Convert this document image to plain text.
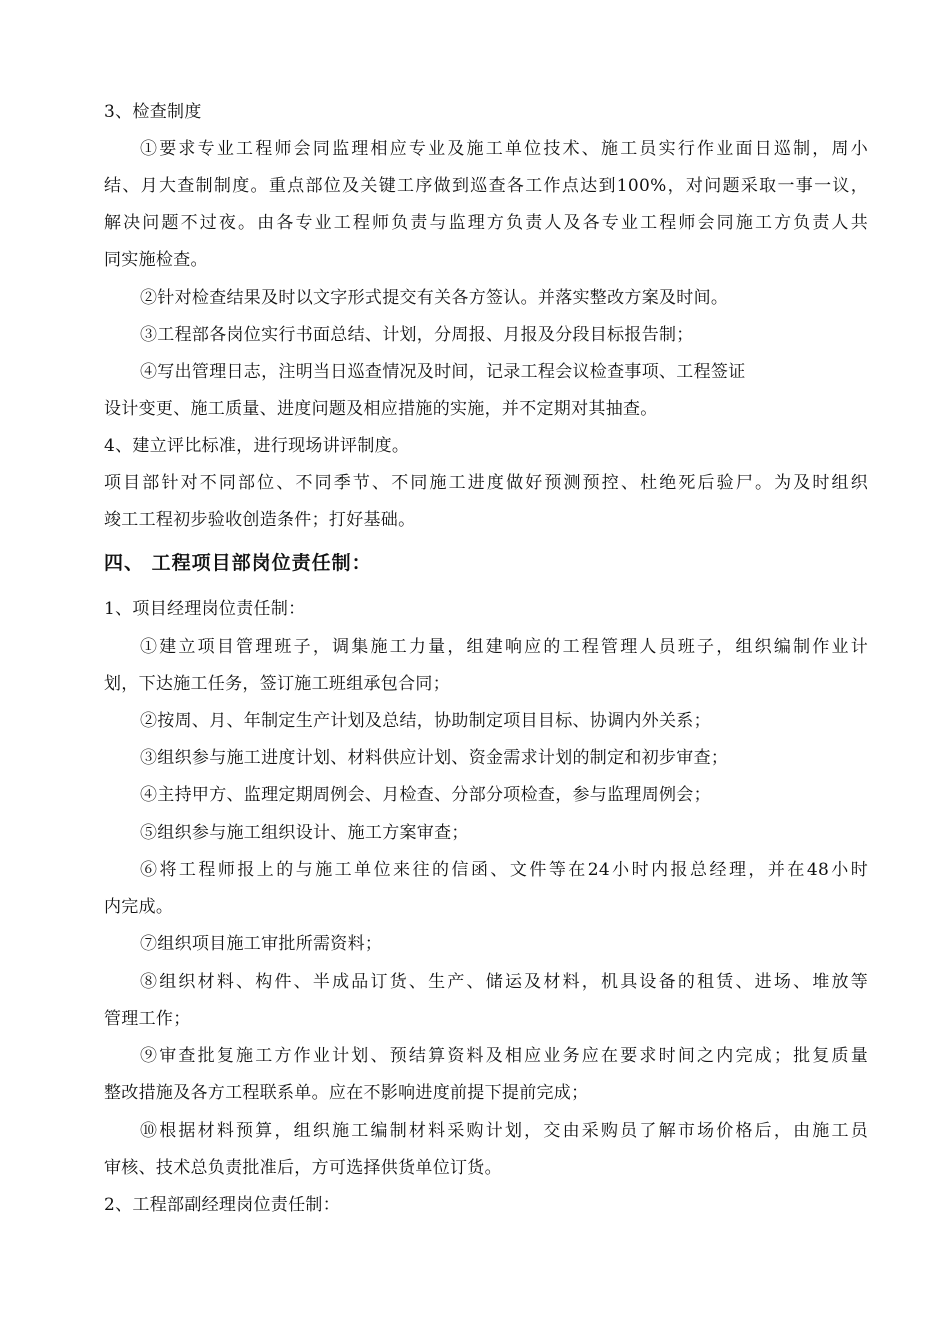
3、检查制度
①要求专业工程师会同监理相应专业及施工单位技术、施工员实行作业面日巡制，周小
结、月大查制制度。重点部位及关键工序做到巡查各工作点达到100%，对问题采取一事一议，
解决问题不过夜。由各专业工程师负责与监理方负责人及各专业工程师会同施工方负责人共
同实施检查。
②针对检查结果及时以文字形式提交有关各方签认。并落实整改方案及时间。
③工程部各岗位实行书面总结、计划，分周报、月报及分段目标报告制；
④写出管理日志，注明当日巡查情况及时间，记录工程会议检查事项、工程签证
设计变更、施工质量、进度问题及相应措施的实施，并不定期对其抽查。
4、建立评比标准，进行现场讲评制度。
项目部针对不同部位、不同季节、不同施工进度做好预测预控、杜绝死后验尸。为及时组织
竣工工程初步验收创造条件；打好基础。
四、 工程项目部岗位责任制：
1、项目经理岗位责任制：
①建立项目管理班子，调集施工力量，组建响应的工程管理人员班子，组织编制作业计
划，下达施工任务，签订施工班组承包合同；
②按周、月、年制定生产计划及总结，协助制定项目目标、协调内外关系；
③组织参与施工进度计划、材料供应计划、资金需求计划的制定和初步审查；
④主持甲方、监理定期周例会、月检查、分部分项检查，参与监理周例会；
⑤组织参与施工组织设计、施工方案审查；
⑥将工程师报上的与施工单位来往的信函、文件等在24小时内报总经理，并在48小时
内完成。
⑦组织项目施工审批所需资料；
⑧组织材料、构件、半成品订货、生产、储运及材料，机具设备的租赁、进场、堆放等
管理工作；
⑨审查批复施工方作业计划、预结算资料及相应业务应在要求时间之内完成；批复质量
整改措施及各方工程联系单。应在不影响进度前提下提前完成；
⑩根据材料预算，组织施工编制材料采购计划，交由采购员了解市场价格后，由施工员
审核、技术总负责批准后，方可选择供货单位订货。
2、工程部副经理岗位责任制：
